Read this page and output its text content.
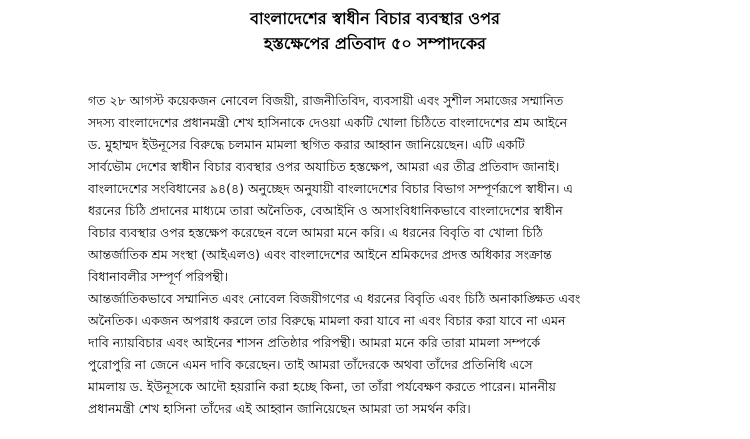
বাংলাদেশের স্বাধীন বিচার ব্যবস্থার ওপর
হস্তক্ষেপের প্রতিবাদ ৫০ সম্পাদকের
গত ২৮ আগস্ট কয়েকজন নোবেল বিজয়ী, রাজনীতিবিদ, ব্যবসায়ী এবং সুশীল সমাজের সম্মানিত
সদস্য বাংলাদেশের প্রধানমন্ত্রী শেখ হাসিনাকে দেওয়া একটি খোলা চিঠিতে বাংলাদেশের শ্রম আইনে
ড. মুহাম্মদ ইউনূসের বিরুদ্ধে চলমান মামলা স্থগিত করার আহ্বান জানিয়েছেন। এটি একটি
সার্বভৌম দেশের স্বাধীন বিচার ব্যবস্থার ওপর অযাচিত হস্তক্ষেপ, আমরা এর তীব্র প্রতিবাদ জানাই।
বাংলাদেশের সংবিধানের ৯৪(৪) অনুচ্ছেদ অনুযায়ী বাংলাদেশের বিচার বিভাগ সম্পূর্ণরূপে স্বাধীন। এ
ধরনের চিঠি প্রদানের মাধ্যমে তারা অনৈতিক, বেআইনি ও অসাংবিধানিকভাবে বাংলাদেশের স্বাধীন
বিচার ব্যবস্থার ওপর হস্তক্ষেপ করেছেন বলে আমরা মনে করি। এ ধরনের বিবৃতি বা খোলা চিঠি
আন্তর্জাতিক শ্রম সংস্থা (আইএলও) এবং বাংলাদেশের আইনে শ্রমিকদের প্রদত্ত অধিকার সংক্রান্ত
বিধানাবলীর সম্পূর্ণ পরিপন্থী।
আন্তর্জাতিকভাবে সম্মানিত এবং নোবেল বিজয়ীগণের এ ধরনের বিবৃতি এবং চিঠি অনাকাঙ্ক্ষিত এবং
অনৈতিক। একজন অপরাধ করলে তার বিরুদ্ধে মামলা করা যাবে না এবং বিচার করা যাবে না এমন
দাবি ন্যায়বিচার এবং আইনের শাসন প্রতিষ্ঠার পরিপন্থী। আমরা মনে করি তারা মামলা সম্পর্কে
পুরোপুরি না জেনে এমন দাবি করেছেন। তাই আমরা তাঁদেরকে অথবা তাঁদের প্রতিনিধি এসে
মামলায় ড. ইউনূসকে আদৌ হয়রানি করা হচ্ছে কিনা, তা তাঁরা পর্যবেক্ষণ করতে পারেন। মাননীয়
প্রধানমন্ত্রী শেখ হাসিনা তাঁদের এই আহ্বান জানিয়েছেন আমরা তা সমর্থন করি।
